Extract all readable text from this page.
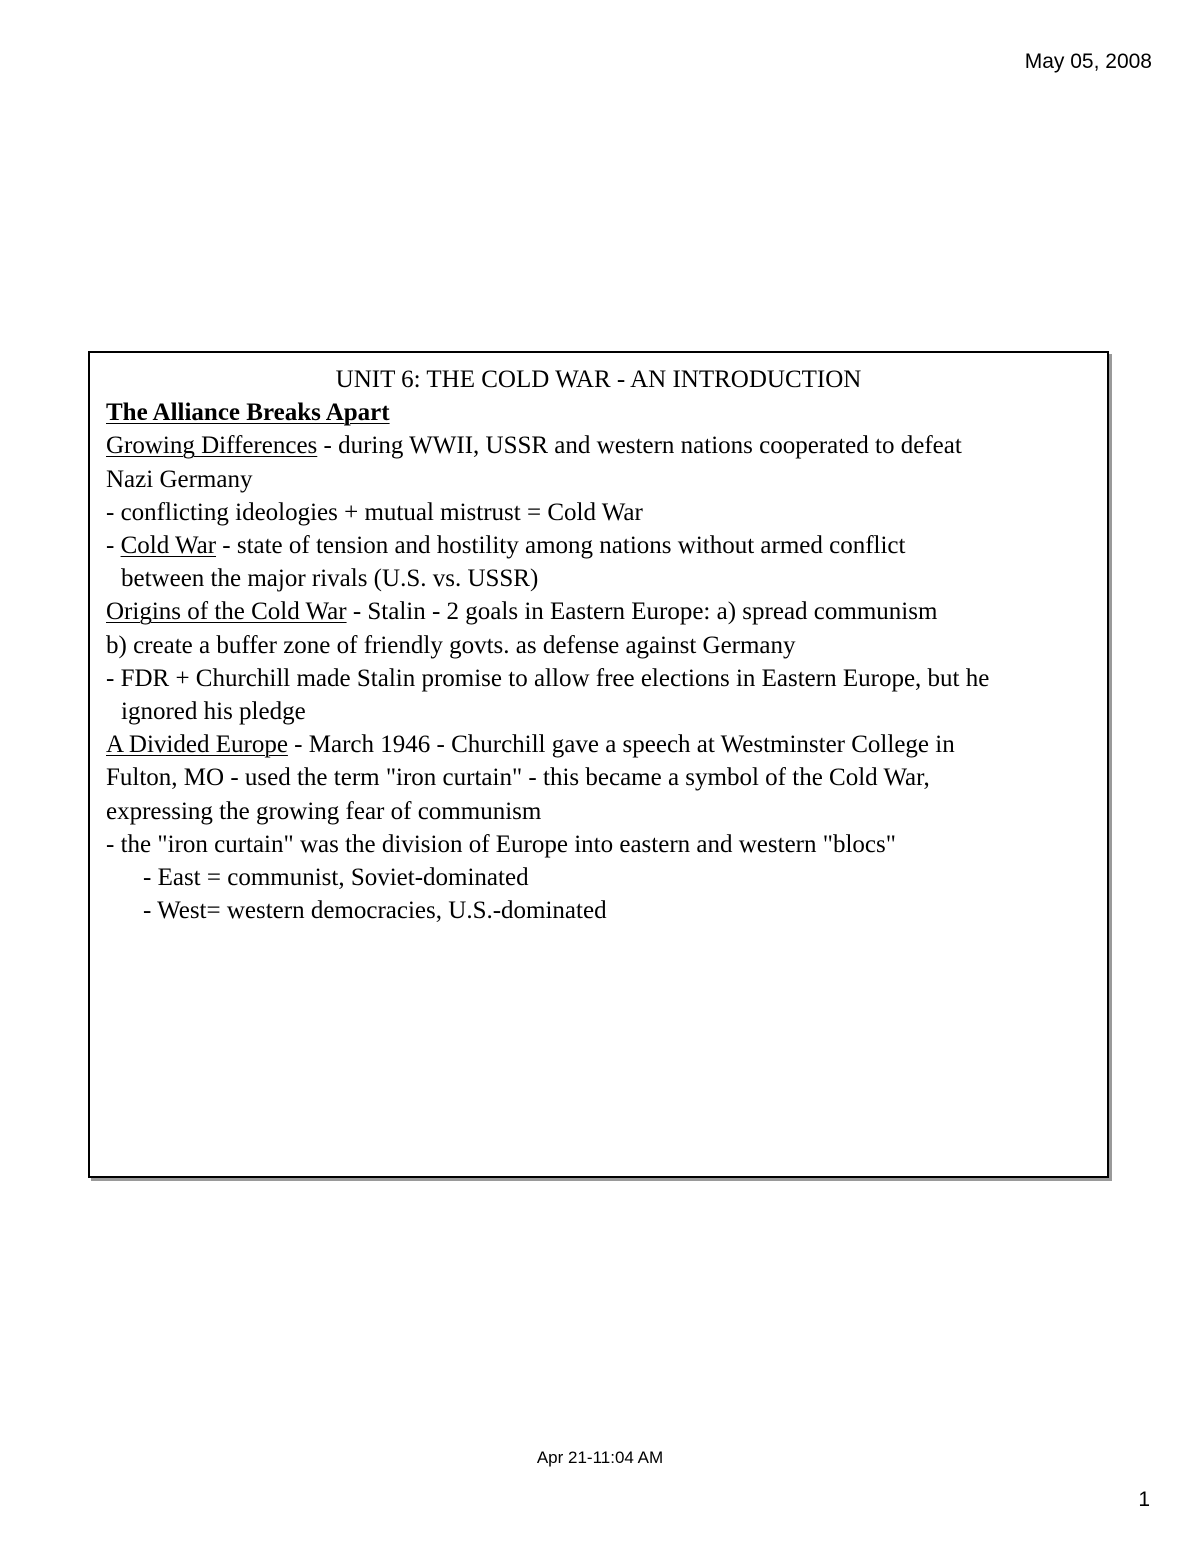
May 05, 2008
UNIT 6: THE COLD WAR - AN INTRODUCTION
The Alliance Breaks Apart
Growing Differences - during WWII, USSR and western nations cooperated to defeat
Nazi Germany
- conflicting ideologies + mutual mistrust = Cold War
- Cold War - state of tension and hostility among nations without armed conflict
between the major rivals (U.S. vs. USSR)
Origins of the Cold War - Stalin - 2 goals in Eastern Europe: a) spread communism
b) create a buffer zone of friendly govts. as defense against Germany
- FDR + Churchill made Stalin promise to allow free elections in Eastern Europe, but he
ignored his pledge
A Divided Europe - March 1946 - Churchill gave a speech at Westminster College in
Fulton, MO - used the term "iron curtain" - this became a symbol of the Cold War,
expressing the growing fear of communism
- the "iron curtain" was the division of Europe into eastern and western "blocs"
- East = communist, Soviet-dominated
- West= western democracies, U.S.-dominated
Apr 21-11:04 AM
1
